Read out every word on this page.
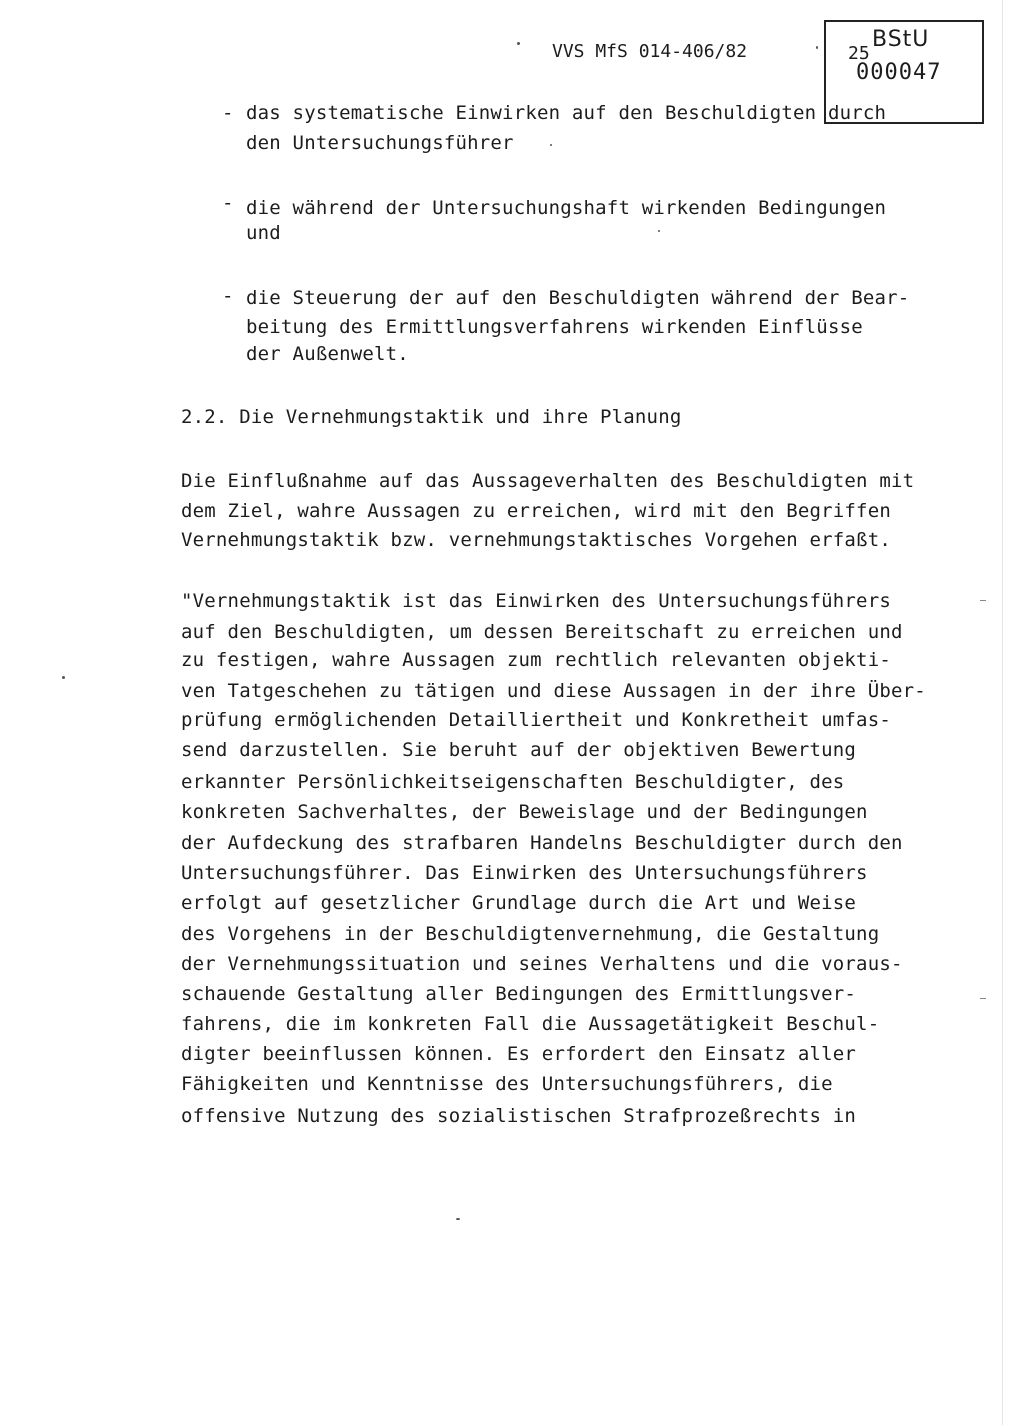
VVS MfS 014-406/82	25
BStU
000047
- das systematische Einwirken auf den Beschuldigten durch
den Untersuchungsführer
- die während der Untersuchungshaft wirkenden Bedingungen
und
- die Steuerung der auf den Beschuldigten während der Bear-
beitung des Ermittlungsverfahrens wirkenden Einflüsse
der Außenwelt.
2.2. Die Vernehmungstaktik und ihre Planung
Die Einflußnahme auf das Aussageverhalten des Beschuldigten mit
dem Ziel, wahre Aussagen zu erreichen, wird mit den Begriffen
Vernehmungstaktik bzw. vernehmungstaktisches Vorgehen erfaßt.
"Vernehmungstaktik ist das Einwirken des Untersuchungsführers
auf den Beschuldigten, um dessen Bereitschaft zu erreichen und
zu festigen, wahre Aussagen zum rechtlich relevanten objekti-
ven Tatgeschehen zu tätigen und diese Aussagen in der ihre Über-
prüfung ermöglichenden Detailliertheit und Konkretheit umfas-
send darzustellen. Sie beruht auf der objektiven Bewertung
erkannter Persönlichkeitseigenschaften Beschuldigter, des
konkreten Sachverhaltes, der Beweislage und der Bedingungen
der Aufdeckung des strafbaren Handelns Beschuldigter durch den
Untersuchungsführer. Das Einwirken des Untersuchungsführers
erfolgt auf gesetzlicher Grundlage durch die Art und Weise
des Vorgehens in der Beschuldigtenvernehmung, die Gestaltung
der Vernehmungssituation und seines Verhaltens und die voraus-
schauende Gestaltung aller Bedingungen des Ermittlungsver-
fahrens, die im konkreten Fall die Aussagetätigkeit Beschul-
digter beeinflussen können. Es erfordert den Einsatz aller
Fähigkeiten und Kenntnisse des Untersuchungsführers, die
offensive Nutzung des sozialistischen Strafprozeßrechts in
